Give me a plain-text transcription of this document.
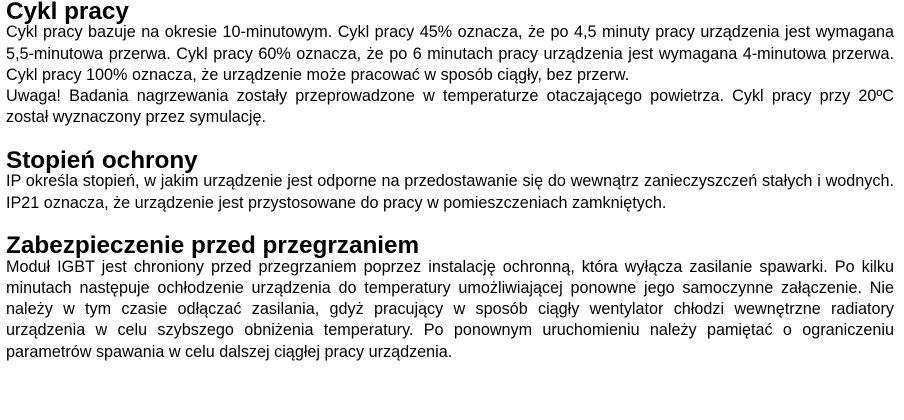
Cykl pracy

Cykl pracy bazuje na okresie 10-minutowym. Cykl pracy 45% oznacza, że po 4,5 minuty pracy urządzenia jest wymagana 5,5-minutowa przerwa. Cykl pracy 60% oznacza, że po 6 minutach pracy urządzenia jest wymagana 4-minutowa przerwa. Cykl pracy 100% oznacza, że urządzenie może pracować w sposób ciągły, bez przerw.

Uwaga! Badania nagrzewania zostały przeprowadzone w temperaturze otaczającego powietrza. Cykl pracy przy 20ºC został wyznaczony przez symulację.

Stopień ochrony

IP określa stopień, w jakim urządzenie jest odporne na przedostawanie się do wewnątrz zanieczyszczeń stałych i wodnych. IP21 oznacza, że urządzenie jest przystosowane do pracy w pomieszczeniach zamkniętych.

Zabezpieczenie przed przegrzaniem

Moduł IGBT jest chroniony przed przegrzaniem poprzez instalację ochronną, która wyłącza zasilanie spawarki. Po kilku minutach następuje ochłodzenie urządzenia do temperatury umożliwiającej ponowne jego samoczynne załączenie. Nie należy w tym czasie odłączać zasilania, gdyż pracujący w sposób ciągły wentylator chłodzi wewnętrzne radiatory urządzenia w celu szybszego obniżenia temperatury. Po ponownym uruchomieniu należy pamiętać o ograniczeniu parametrów spawania w celu dalszej ciągłej pracy urządzenia.
